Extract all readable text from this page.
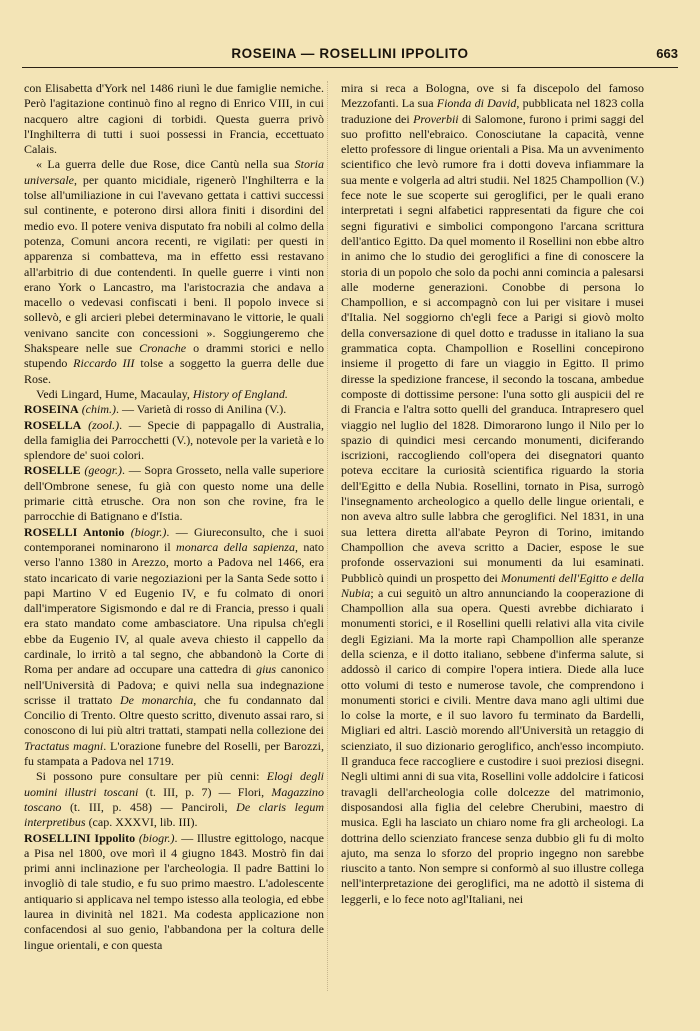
ROSEINA — ROSELLINI IPPOLITO	663

con Elisabetta d'York nel 1486 riunì le due famiglie nemiche. Però l'agitazione continuò fino al regno di Enrico VIII, in cui nacquero altre cagioni di torbidi. Questa guerra privò l'Inghilterra di tutti i suoi possessi in Francia, eccettuato Calais.

« La guerra delle due Rose, dice Cantù nella sua Storia universale, per quanto micidiale, rigenerò l'Inghilterra e la tolse all'umiliazione in cui l'avevano gettata i cattivi successi sul continente, e poterono dirsi allora finiti i disordini del medio evo. Il potere veniva disputato fra nobili al colmo della potenza, Comuni ancora recenti, re vigilati: per questi in apparenza si combatteva, ma in effetto essi restavano all'arbitrio di due contendenti. In quelle guerre i vinti non erano York o Lancastro, ma l'aristocrazia che andava a macello o vedevasi confiscati i beni. Il popolo invece si sollevò, e gli arcieri plebei determinavano le vittorie, le quali venivano sancite con concessioni ». Soggiungeremo che Shakspeare nelle sue Cronache o drammi storici e nello stupendo Riccardo III tolse a soggetto la guerra delle due Rose.

Vedi Lingard, Hume, Macaulay, History of England.

ROSEINA (chim.). — Varietà di rosso di Anilina (V.).

ROSELLA (zool.). — Specie di pappagallo di Australia, della famiglia dei Parrocchetti (V.), notevole per la varietà e lo splendore de' suoi colori.

ROSELLE (geogr.). — Sopra Grosseto, nella valle superiore dell'Ombrone senese, fu già con questo nome una delle primarie città etrusche. Ora non son che rovine, fra le parrocchie di Batignano e d'Istia.

ROSELLI Antonio (biogr.). — Giureconsulto, che i suoi contemporanei nominarono il monarca della sapienza, nato verso l'anno 1380 in Arezzo, morto a Padova nel 1466, era stato incaricato di varie negoziazioni per la Santa Sede sotto i papi Martino V ed Eugenio IV, e fu colmato di onori dall'imperatore Sigismondo e dal re di Francia, presso i quali era stato mandato come ambasciatore. Una ripulsa ch'egli ebbe da Eugenio IV, al quale aveva chiesto il cappello da cardinale, lo irritò a tal segno, che abbandonò la Corte di Roma per andare ad occupare una cattedra di gius canonico nell'Università di Padova; e quivi nella sua indegnazione scrisse il trattato De monarchia, che fu condannato dal Concilio di Trento. Oltre questo scritto, divenuto assai raro, si conoscono di lui più altri trattati, stampati nella collezione dei Tractatus magni. L'orazione funebre del Roselli, per Barozzi, fu stampata a Padova nel 1719.

Si possono pure consultare per più cenni: Elogi degli uomini illustri toscani (t. III, p. 7) — Flori, Magazzino toscano (t. III, p. 458) — Panciroli, De claris legum interpretibus (cap. XXXVI, lib. III).

ROSELLINI Ippolito (biogr.). — Illustre egittologo, nacque a Pisa nel 1800, ove morì il 4 giugno 1843. Mostrò fin dai primi anni inclinazione per l'archeologia. Il padre Battini lo invogliò di tale studio, e fu suo primo maestro. L'adolescente antiquario si applicava nel tempo istesso alla teologia, ed ebbe laurea in divinità nel 1821. Ma codesta applicazione non confacendosi al suo genio, l'abbandona per la coltura delle lingue orientali, e con questa

mira si reca a Bologna, ove si fa discepolo del famoso Mezzofanti. La sua Fionda di David, pubblicata nel 1823 colla traduzione dei Proverbii di Salomone, furono i primi saggi del suo profitto nell'ebraico. Conosciutane la capacità, venne eletto professore di lingue orientali a Pisa. Ma un avvenimento scientifico che levò rumore fra i dotti doveva infiammare la sua mente e volgerla ad altri studii. Nel 1825 Champollion (V.) fece note le sue scoperte sui geroglifici, per le quali erano interpretati i segni alfabetici rappresentati da figure che coi segni figurativi e simbolici compongono l'arcana scrittura dell'antico Egitto. Da quel momento il Rosellini non ebbe altro in animo che lo studio dei geroglifici a fine di conoscere la storia di un popolo che solo da pochi anni comincia a palesarsi alle moderne generazioni. Conobbe di persona lo Champollion, e si accompagnò con lui per visitare i musei d'Italia. Nel soggiorno ch'egli fece a Parigi si giovò molto della conversazione di quel dotto e tradusse in italiano la sua grammatica copta. Champollion e Rosellini concepirono insieme il progetto di fare un viaggio in Egitto. Il primo diresse la spedizione francese, il secondo la toscana, ambedue composte di dottissime persone: l'una sotto gli auspicii del re di Francia e l'altra sotto quelli del granduca. Intrapresero quel viaggio nel luglio del 1828. Dimorarono lungo il Nilo per lo spazio di quindici mesi cercando monumenti, diciferando iscrizioni, raccogliendo coll'opera dei disegnatori quanto poteva eccitare la curiosità scientifica riguardo la storia dell'Egitto e della Nubia. Rosellini, tornato in Pisa, surrogò l'insegnamento archeologico a quello delle lingue orientali, e non aveva altro sulle labbra che geroglifici. Nel 1831, in una sua lettera diretta all'abate Peyron di Torino, imitando Champollion che aveva scritto a Dacier, espose le sue profonde osservazioni sui monumenti da lui esaminati. Pubblicò quindi un prospetto dei Monumenti dell'Egitto e della Nubia; a cui seguitò un altro annunciando la cooperazione di Champollion alla sua opera. Questi avrebbe dichiarato i monumenti storici, e il Rosellini quelli relativi alla vita civile degli Egiziani. Ma la morte rapì Champollion alle speranze della scienza, e il dotto italiano, sebbene d'inferma salute, si addossò il carico di compire l'opera intiera. Diede alla luce otto volumi di testo e numerose tavole, che comprendono i monumenti storici e civili. Mentre dava mano agli ultimi due lo colse la morte, e il suo lavoro fu terminato da Bardelli, Migliari ed altri. Lasciò morendo all'Università un retaggio di scienziato, il suo dizionario geroglifico, anch'esso incompiuto. Il granduca fece raccogliere e custodire i suoi preziosi disegni. Negli ultimi anni di sua vita, Rosellini volle addolcire i faticosi travagli dell'archeologia colle dolcezze del matrimonio, disposandosi alla figlia del celebre Cherubini, maestro di musica. Egli ha lasciato un chiaro nome fra gli archeologi. La dottrina dello scienziato francese senza dubbio gli fu di molto ajuto, ma senza lo sforzo del proprio ingegno non sarebbe riuscito a tanto. Non sempre si conformò al suo illustre collega nell'interpretazione dei geroglifici, ma ne adottò il sistema di leggerli, e lo fece noto agl'Italiani, nei
